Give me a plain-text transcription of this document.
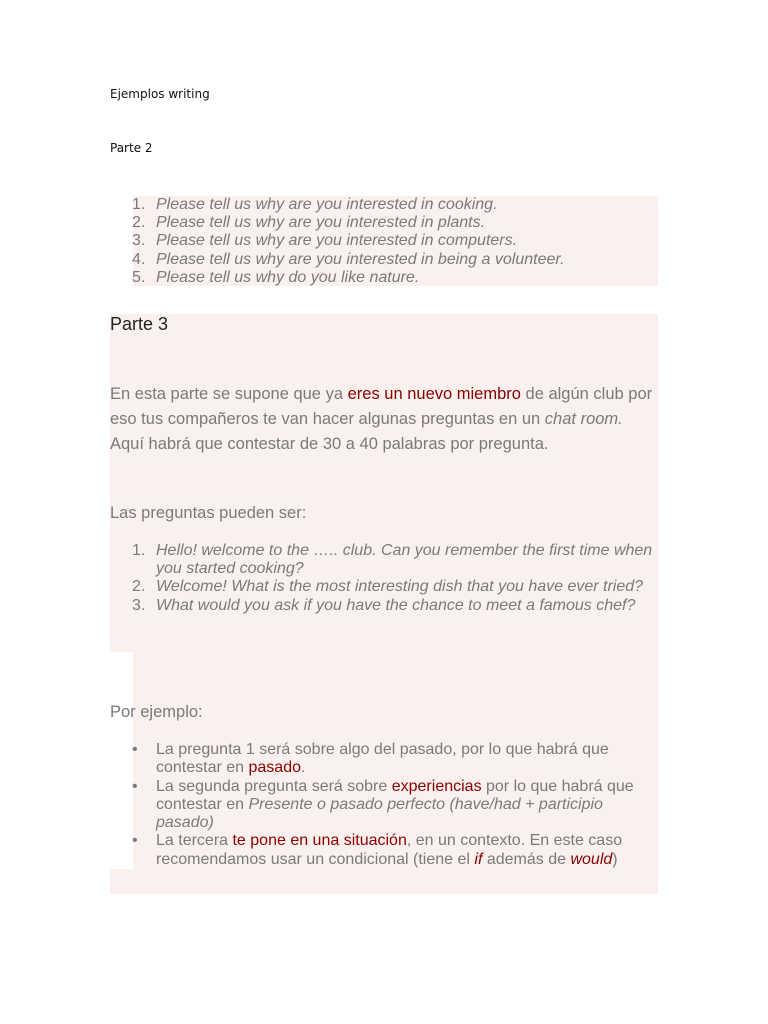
Ejemplos writing
Parte 2
1. Please tell us why are you interested in cooking.
2. Please tell us why are you interested in plants.
3. Please tell us why are you interested in computers.
4. Please tell us why are you interested in being a volunteer.
5. Please tell us why do you like nature.
Parte 3
En esta parte se supone que ya eres un nuevo miembro de algún club por eso tus compañeros te van hacer algunas preguntas en un chat room. Aquí habrá que contestar de 30 a 40 palabras por pregunta.
Las preguntas pueden ser:
1. Hello! welcome to the ….. club. Can you remember the first time when you started cooking?
2. Welcome! What is the most interesting dish that you have ever tried?
3. What would you ask if you have the chance to meet a famous chef?
Por ejemplo:
• La pregunta 1 será sobre algo del pasado, por lo que habrá que contestar en pasado.
• La segunda pregunta será sobre experiencias por lo que habrá que contestar en Presente o pasado perfecto (have/had + participio pasado)
• La tercera te pone en una situación, en un contexto. En este caso recomendamos usar un condicional (tiene el if además de would)
